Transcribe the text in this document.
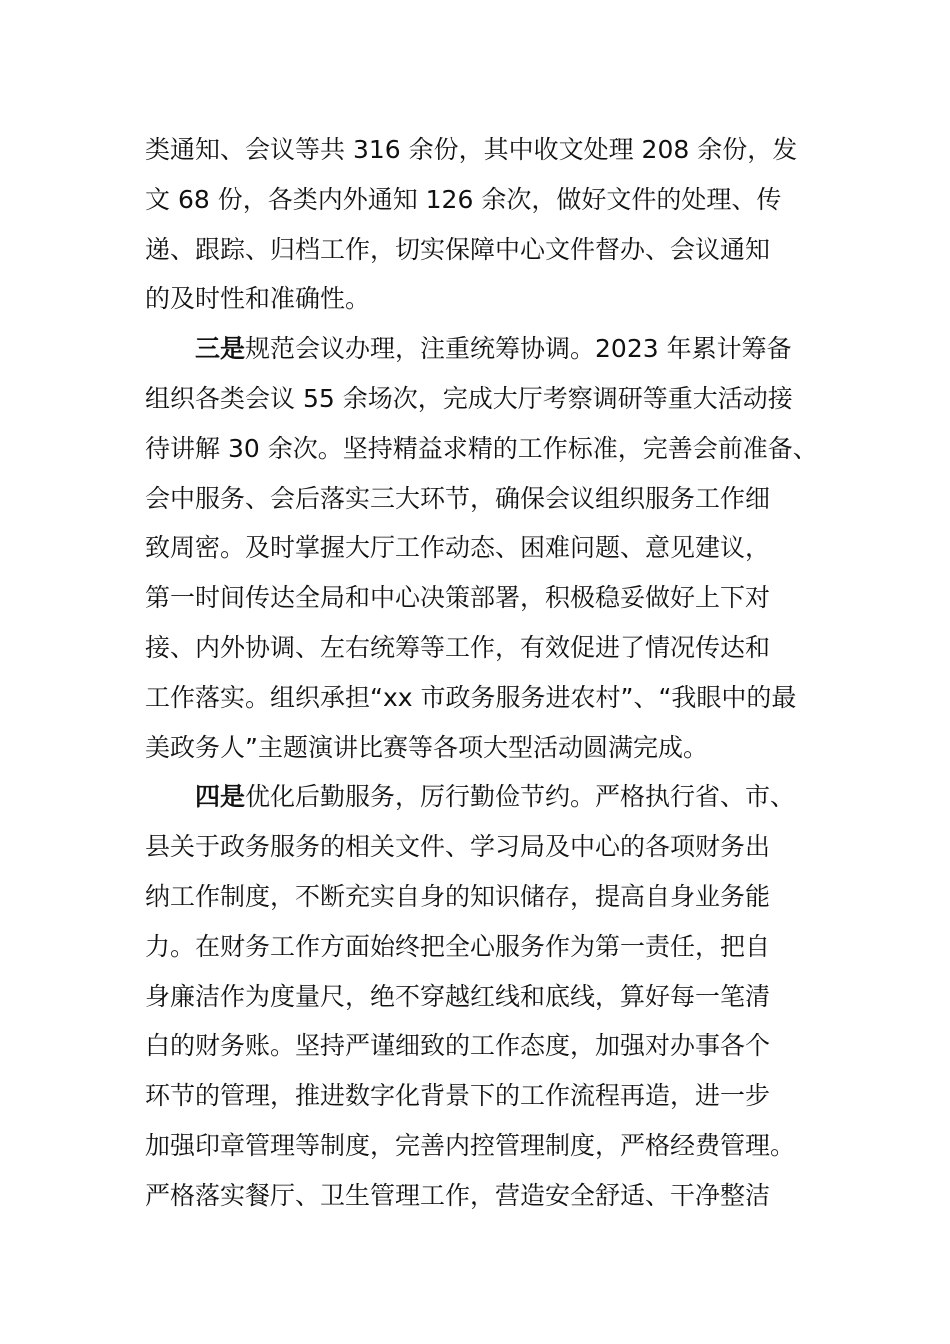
类通知、会议等共 316 余份，其中收文处理 208 余份，发
文 68 份，各类内外通知 126 余次，做好文件的处理、传
递、跟踪、归档工作，切实保障中心文件督办、会议通知
的及时性和准确性。
三是规范会议办理，注重统筹协调。2023 年累计筹备
组织各类会议 55 余场次，完成大厅考察调研等重大活动接
待讲解 30 余次。坚持精益求精的工作标准，完善会前准备、
会中服务、会后落实三大环节，确保会议组织服务工作细
致周密。及时掌握大厅工作动态、困难问题、意见建议，
第一时间传达全局和中心决策部署，积极稳妥做好上下对
接、内外协调、左右统筹等工作，有效促进了情况传达和
工作落实。组织承担“xx 市政务服务进农村”、“我眼中的最
美政务人”主题演讲比赛等各项大型活动圆满完成。
四是优化后勤服务，厉行勤俭节约。严格执行省、市、
县关于政务服务的相关文件、学习局及中心的各项财务出
纳工作制度，不断充实自身的知识储存，提高自身业务能
力。在财务工作方面始终把全心服务作为第一责任，把自
身廉洁作为度量尺，绝不穿越红线和底线，算好每一笔清
白的财务账。坚持严谨细致的工作态度，加强对办事各个
环节的管理，推进数字化背景下的工作流程再造，进一步
加强印章管理等制度，完善内控管理制度，严格经费管理。
严格落实餐厅、卫生管理工作，营造安全舒适、干净整洁
